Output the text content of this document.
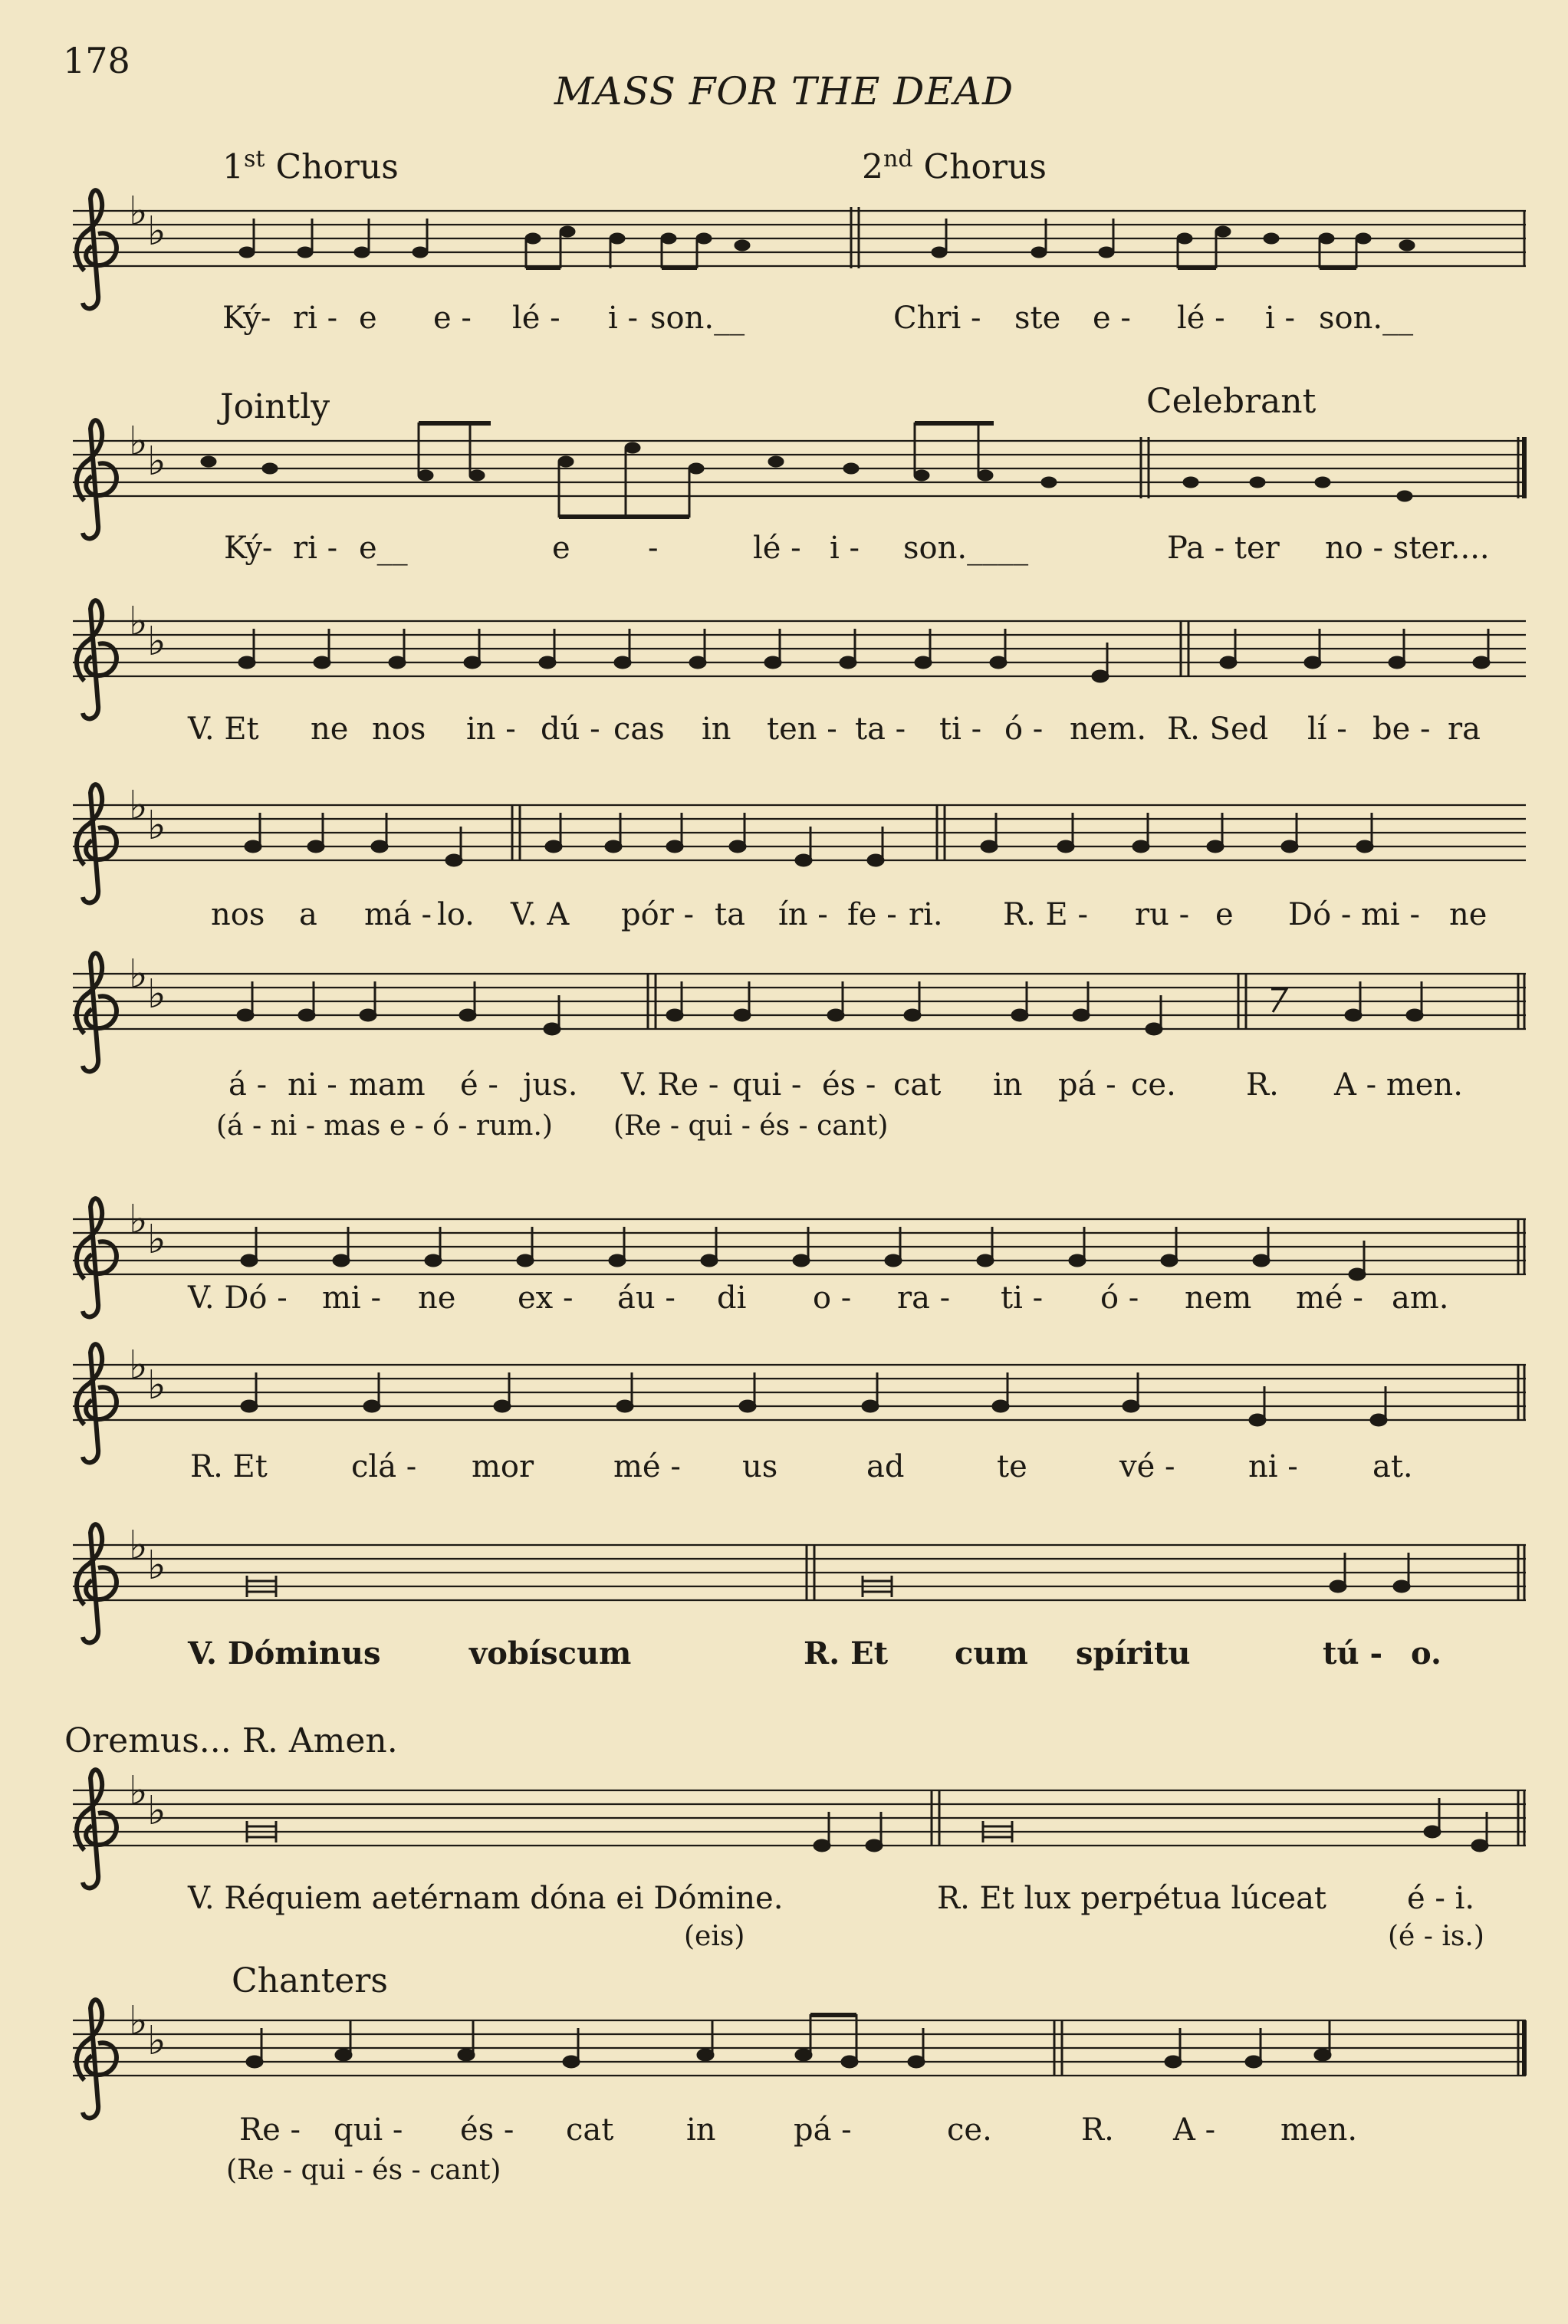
178
MASS FOR THE DEAD
1st Chorus	2nd Chorus

Ký- ri -

e e -

lé - i -

son.__	Chri -

ste e -

lé - i -

son.__

Jointly	Celebrant

Ký- ri -

e__	e

	-	lé -

i - son.____

	Pa - ter no - ster....

V. Et ne

nos in -

dú - cas

in ten -

ta - ti -

ó - nem.

R. Sed lí -

be - ra

nos a

má - lo.

V. A pór -

ta ín -

fe - ri.

R. E - ru -

e Dó -

mi - ne

á - ni -

mam é -

jus. V. Re -

qui - és -

cat in

pá - ce.

R. A - men.

(á - ni - mas e - ó - rum.) (Re - qui - és - cant)

V. Dó - mi -

ne ex -

áu - di

o - ra -

ti - ó -

nem mé -

am.

R. Et	clá -

mor	mé -

us	ad

	te	vé -

ni - at.

V. Dóminus	vobíscum

	R. Et cum

spíritu	tú -

o.

Oremus... R. Amen.

V. Réquiem aetérnam dóna ei Dómine.

	R. Et lux perpétua lúceat

	é - i.

(eis)	(é - is.)

Chanters

Re - qui -

és - cat

in	pá -

	ce.	R.

A - men.

(Re - qui - és - cant)
